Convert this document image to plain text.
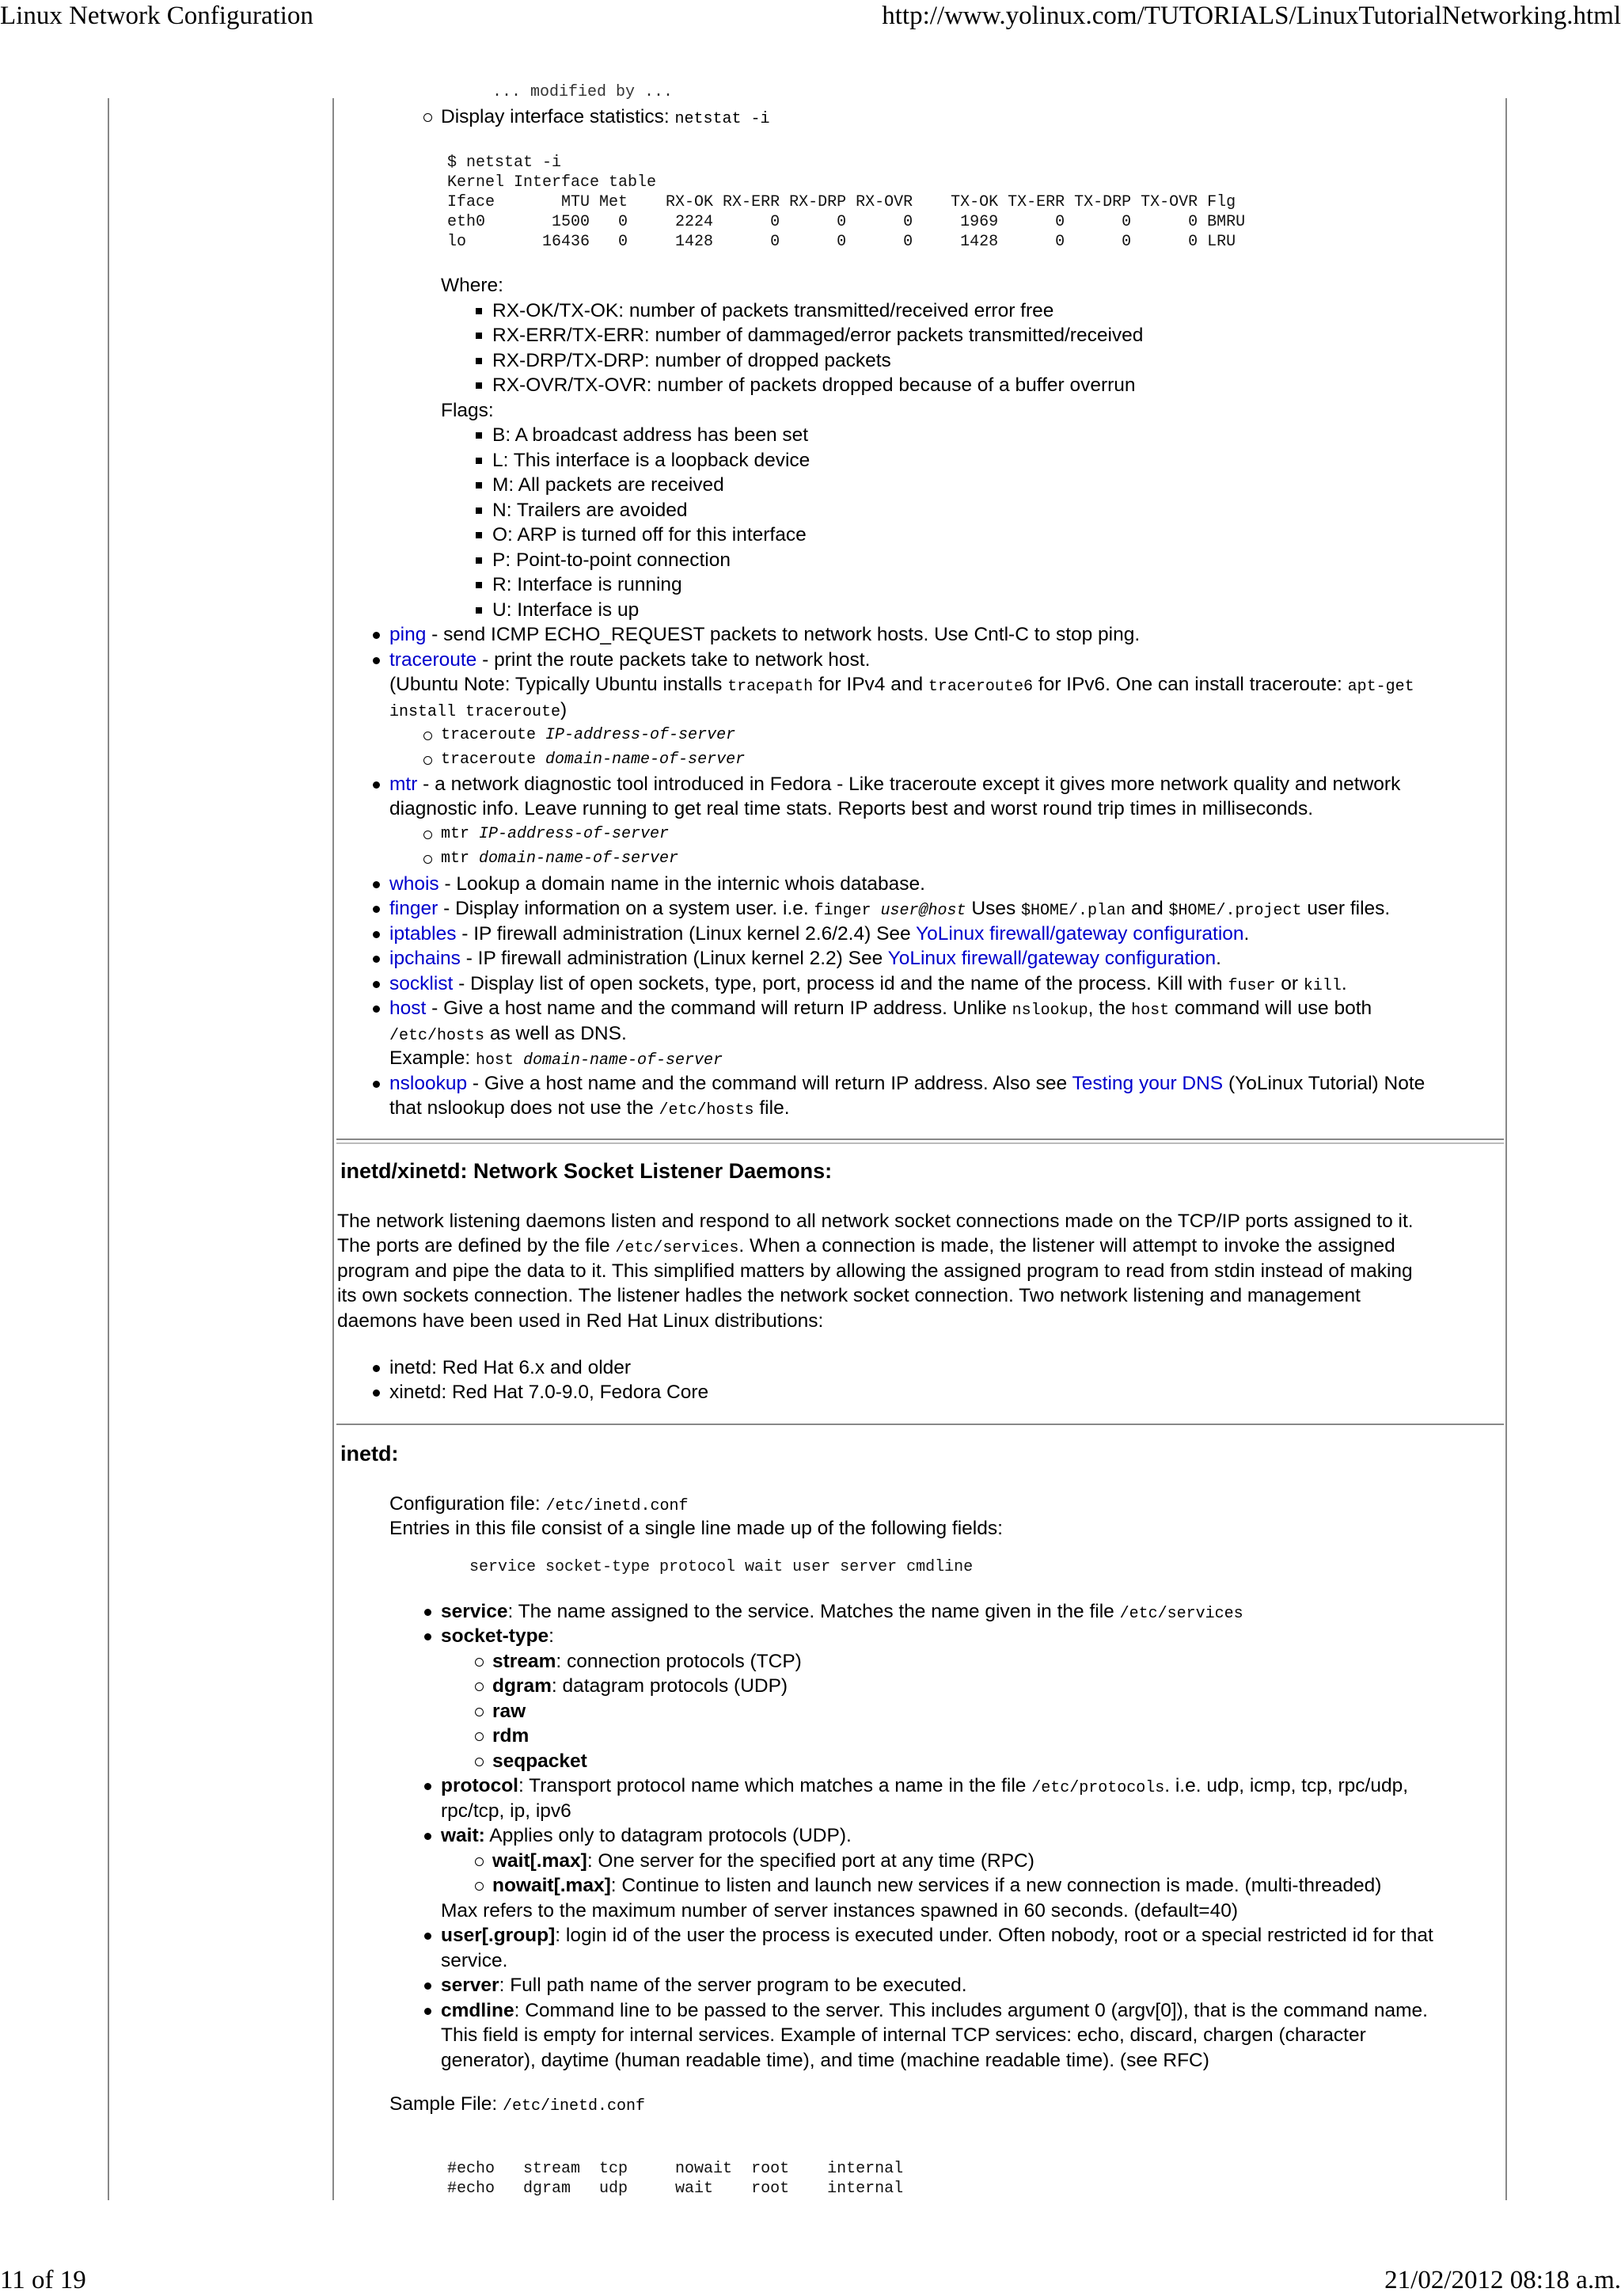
Linux Network Configuration	http://www.yolinux.com/TUTORIALS/LinuxTutorialNetworking.html
11 of 19	21/02/2012 08:18 a.m.
... modified by ...
Display interface statistics: netstat -i
$ netstat -i
Kernel Interface table
Iface       MTU Met    RX-OK RX-ERR RX-DRP RX-OVR    TX-OK TX-ERR TX-DRP TX-OVR Flg
eth0       1500   0     2224      0      0      0     1969      0      0      0 BMRU
lo        16436   0     1428      0      0      0     1428      0      0      0 LRU
Where:
RX-OK/TX-OK: number of packets transmitted/received error free
RX-ERR/TX-ERR: number of dammaged/error packets transmitted/received
RX-DRP/TX-DRP: number of dropped packets
RX-OVR/TX-OVR: number of packets dropped because of a buffer overrun
Flags:
B: A broadcast address has been set
L: This interface is a loopback device
M: All packets are received
N: Trailers are avoided
O: ARP is turned off for this interface
P: Point-to-point connection
R: Interface is running
U: Interface is up
ping - send ICMP ECHO_REQUEST packets to network hosts. Use Cntl-C to stop ping.
traceroute - print the route packets take to network host.
(Ubuntu Note: Typically Ubuntu installs tracepath for IPv4 and traceroute6 for IPv6. One can install traceroute: apt-get
install traceroute)
traceroute IP-address-of-server
traceroute domain-name-of-server
mtr - a network diagnostic tool introduced in Fedora - Like traceroute except it gives more network quality and network
diagnostic info. Leave running to get real time stats. Reports best and worst round trip times in milliseconds.
mtr IP-address-of-server
mtr domain-name-of-server
whois - Lookup a domain name in the internic whois database.
finger - Display information on a system user. i.e. finger user@host Uses $HOME/.plan and $HOME/.project user files.
iptables - IP firewall administration (Linux kernel 2.6/2.4) See YoLinux firewall/gateway configuration.
ipchains - IP firewall administration (Linux kernel 2.2) See YoLinux firewall/gateway configuration.
socklist - Display list of open sockets, type, port, process id and the name of the process. Kill with fuser or kill.
host - Give a host name and the command will return IP address. Unlike nslookup, the host command will use both
/etc/hosts as well as DNS.
Example: host domain-name-of-server
nslookup - Give a host name and the command will return IP address. Also see Testing your DNS (YoLinux Tutorial) Note
that nslookup does not use the /etc/hosts file.
inetd/xinetd: Network Socket Listener Daemons:
The network listening daemons listen and respond to all network socket connections made on the TCP/IP ports assigned to it.
The ports are defined by the file /etc/services. When a connection is made, the listener will attempt to invoke the assigned
program and pipe the data to it. This simplified matters by allowing the assigned program to read from stdin instead of making
its own sockets connection. The listener hadles the network socket connection. Two network listening and management
daemons have been used in Red Hat Linux distributions:
inetd: Red Hat 6.x and older
xinetd: Red Hat 7.0-9.0, Fedora Core
inetd:
Configuration file: /etc/inetd.conf
Entries in this file consist of a single line made up of the following fields:
service socket-type protocol wait user server cmdline
service: The name assigned to the service. Matches the name given in the file /etc/services
socket-type:
stream: connection protocols (TCP)
dgram: datagram protocols (UDP)
raw
rdm
seqpacket
protocol: Transport protocol name which matches a name in the file /etc/protocols. i.e. udp, icmp, tcp, rpc/udp,
rpc/tcp, ip, ipv6
wait: Applies only to datagram protocols (UDP).
wait[.max]: One server for the specified port at any time (RPC)
nowait[.max]: Continue to listen and launch new services if a new connection is made. (multi-threaded)
Max refers to the maximum number of server instances spawned in 60 seconds. (default=40)
user[.group]: login id of the user the process is executed under. Often nobody, root or a special restricted id for that
service.
server: Full path name of the server program to be executed.
cmdline: Command line to be passed to the server. This includes argument 0 (argv[0]), that is the command name.
This field is empty for internal services. Example of internal TCP services: echo, discard, chargen (character
generator), daytime (human readable time), and time (machine readable time). (see RFC)
Sample File: /etc/inetd.conf
#echo   stream  tcp     nowait  root    internal
#echo   dgram   udp     wait    root    internal
